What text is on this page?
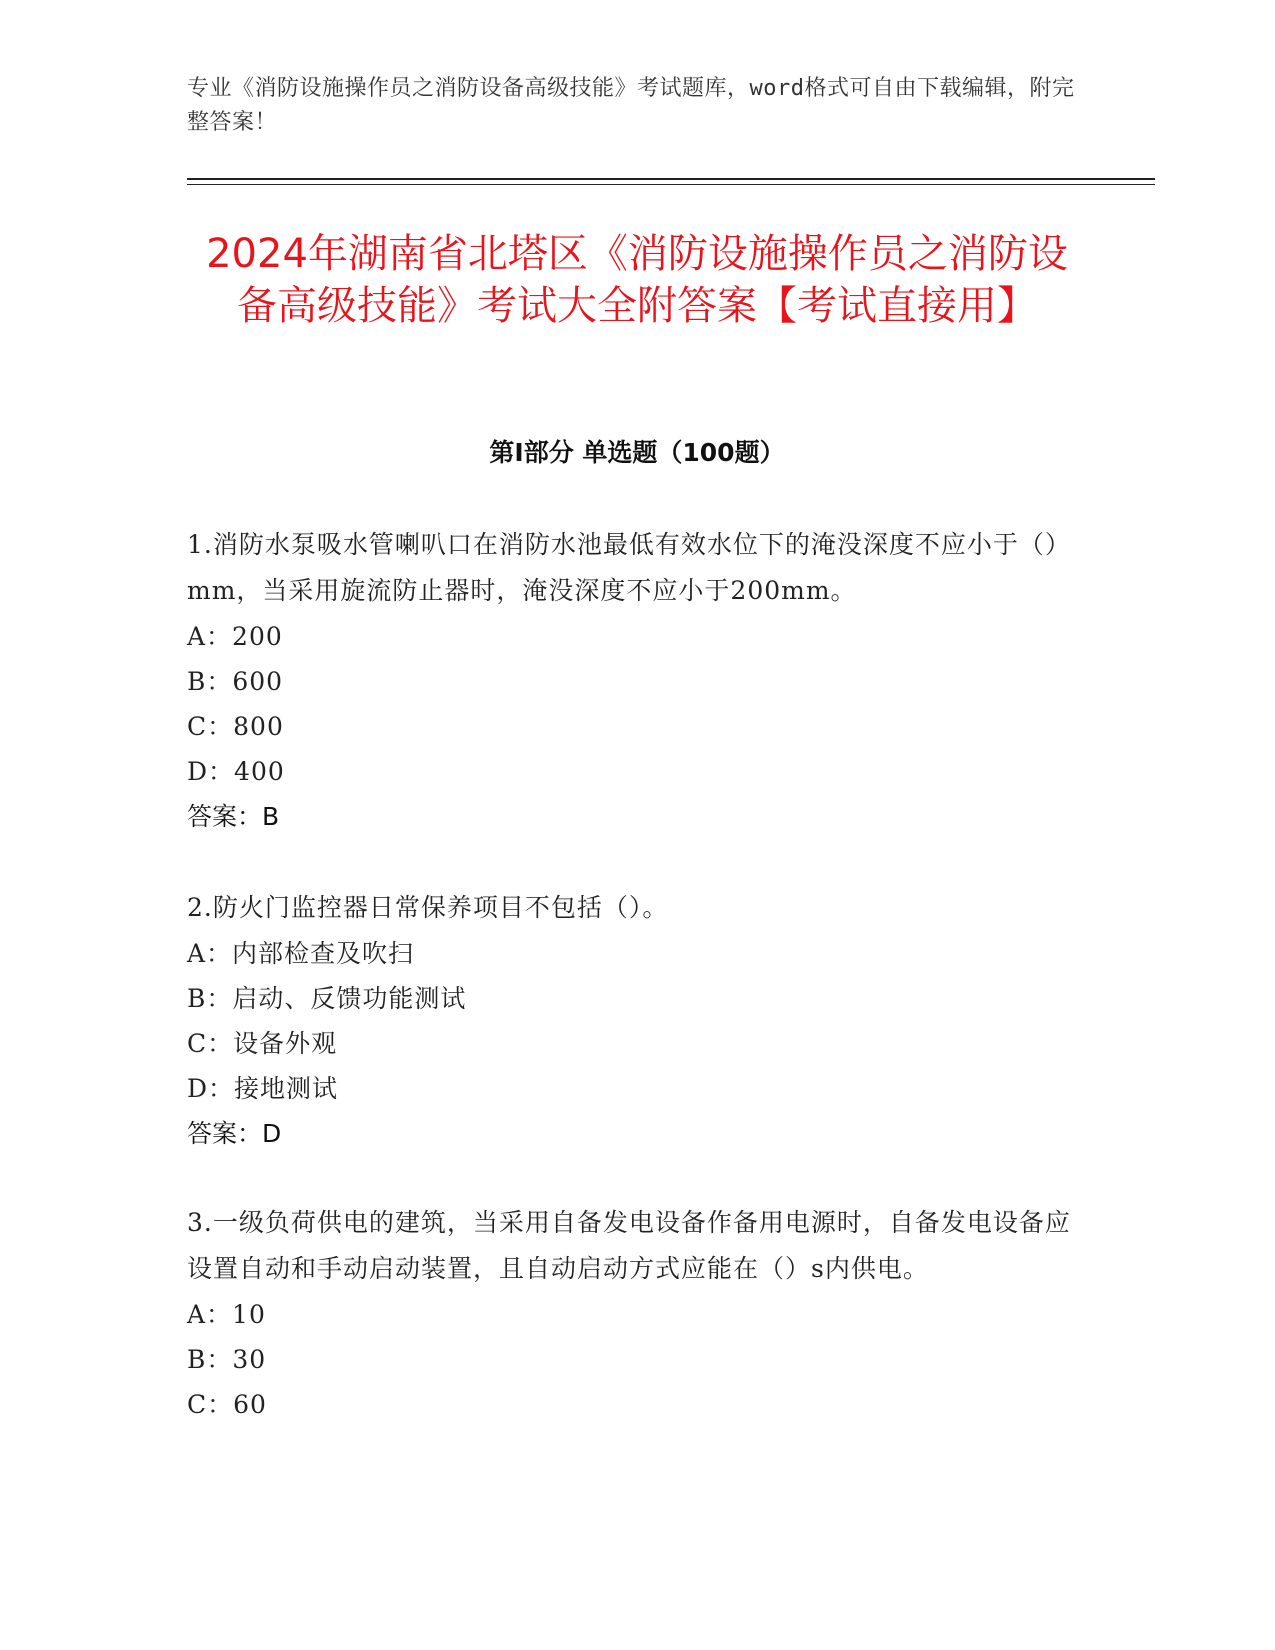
专业《消防设施操作员之消防设备高级技能》考试题库，word格式可自由下载编辑，附完整答案！
2024年湖南省北塔区《消防设施操作员之消防设备高级技能》考试大全附答案【考试直接用】
第I部分 单选题（100题）
1.消防水泵吸水管喇叭口在消防水池最低有效水位下的淹没深度不应小于（）mm，当采用旋流防止器时，淹没深度不应小于200mm。
A：200
B：600
C：800
D：400
答案：B
2.防火门监控器日常保养项目不包括（）。
A：内部检查及吹扫
B：启动、反馈功能测试
C：设备外观
D：接地测试
答案：D
3.一级负荷供电的建筑，当采用自备发电设备作备用电源时，自备发电设备应设置自动和手动启动装置，且自动启动方式应能在（）s内供电。
A：10
B：30
C：60
